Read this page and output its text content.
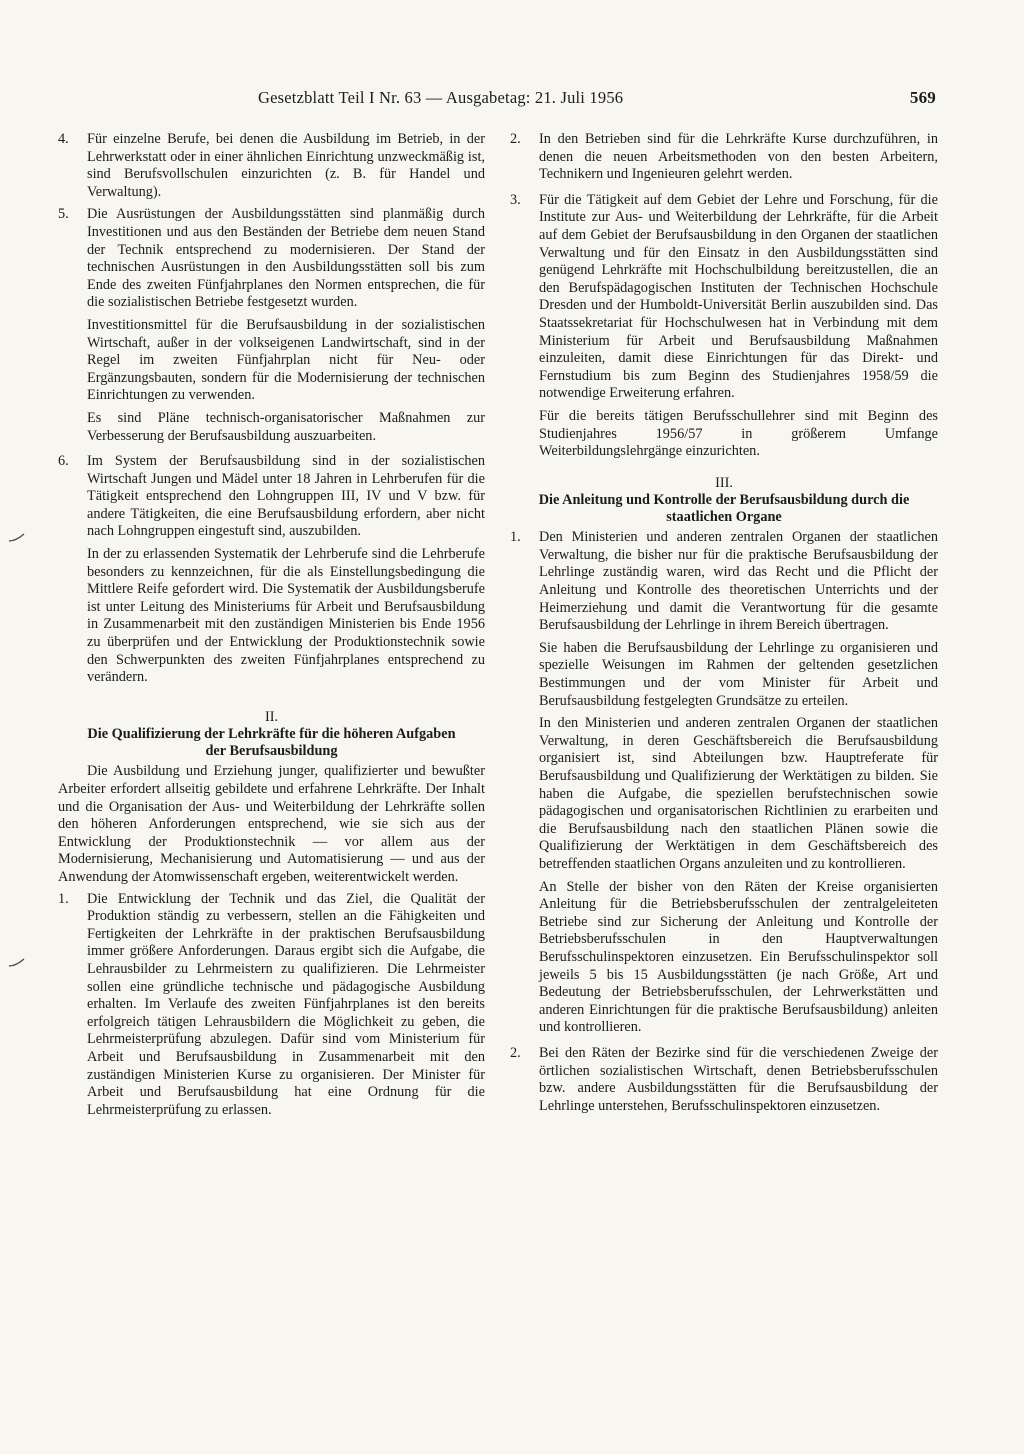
Gesetzblatt Teil I Nr. 63 — Ausgabetag: 21. Juli 1956	569
4.	Für einzelne Berufe, bei denen die Ausbildung im Betrieb, in der Lehrwerkstatt oder in einer ähnlichen Einrichtung unzweckmäßig ist, sind Berufsvollschulen einzurichten (z. B. für Handel und Verwaltung).

5.	Die Ausrüstungen der Ausbildungsstätten sind planmäßig durch Investitionen und aus den Beständen der Betriebe dem neuen Stand der Technik entsprechend zu modernisieren. Der Stand der technischen Ausrüstungen in den Ausbildungsstätten soll bis zum Ende des zweiten Fünfjahrplanes den Normen entsprechen, die für die sozialistischen Betriebe festgesetzt wurden.

Investitionsmittel für die Berufsausbildung in der sozialistischen Wirtschaft, außer in der volkseigenen Landwirtschaft, sind in der Regel im zweiten Fünfjahrplan nicht für Neu- oder Ergänzungsbauten, sondern für die Modernisierung der technischen Einrichtungen zu verwenden.

Es sind Pläne technisch-organisatorischer Maßnahmen zur Verbesserung der Berufsausbildung auszuarbeiten.

6.	Im System der Berufsausbildung sind in der sozialistischen Wirtschaft Jungen und Mädel unter 18 Jahren in Lehrberufen für die Tätigkeit entsprechend den Lohngruppen III, IV und V bzw. für andere Tätigkeiten, die eine Berufsausbildung erfordern, aber nicht nach Lohngruppen eingestuft sind, auszubilden.

In der zu erlassenden Systematik der Lehrberufe sind die Lehrberufe besonders zu kennzeichnen, für die als Einstellungsbedingung die Mittlere Reife gefordert wird. Die Systematik der Ausbildungsberufe ist unter Leitung des Ministeriums für Arbeit und Berufsausbildung in Zusammenarbeit mit den zuständigen Ministerien bis Ende 1956 zu überprüfen und der Entwicklung der Produktionstechnik sowie den Schwerpunkten des zweiten Fünfjahrplanes entsprechend zu verändern.

II.
Die Qualifizierung der Lehrkräfte für die höheren Aufgaben der Berufsausbildung

Die Ausbildung und Erziehung junger, qualifizierter und bewußter Arbeiter erfordert allseitig gebildete und erfahrene Lehrkräfte. Der Inhalt und die Organisation der Aus- und Weiterbildung der Lehrkräfte sollen den höheren Anforderungen entsprechend, wie sie sich aus der Entwicklung der Produktionstechnik — vor allem aus der Modernisierung, Mechanisierung und Automatisierung — und aus der Anwendung der Atomwissenschaft ergeben, weiterentwickelt werden.

1.	Die Entwicklung der Technik und das Ziel, die Qualität der Produktion ständig zu verbessern, stellen an die Fähigkeiten und Fertigkeiten der Lehrkräfte in der praktischen Berufsausbildung immer größere Anforderungen. Daraus ergibt sich die Aufgabe, die Lehrausbilder zu Lehrmeistern zu qualifizieren. Die Lehrmeister sollen eine gründliche technische und pädagogische Ausbildung erhalten. Im Verlaufe des zweiten Fünfjahrplanes ist den bereits erfolgreich tätigen Lehrausbildern die Möglichkeit zu geben, die Lehrmeisterprüfung abzulegen. Dafür sind vom Ministerium für Arbeit und Berufsausbildung in Zusammenarbeit mit den zuständigen Ministerien Kurse zu organisieren. Der Minister für Arbeit und Berufsausbildung hat eine Ordnung für die Lehrmeisterprüfung zu erlassen.

2.	In den Betrieben sind für die Lehrkräfte Kurse durchzuführen, in denen die neuen Arbeitsmethoden von den besten Arbeitern, Technikern und Ingenieuren gelehrt werden.

3.	Für die Tätigkeit auf dem Gebiet der Lehre und Forschung, für die Institute zur Aus- und Weiterbildung der Lehrkräfte, für die Arbeit auf dem Gebiet der Berufsausbildung in den Organen der staatlichen Verwaltung und für den Einsatz in den Ausbildungsstätten sind genügend Lehrkräfte mit Hochschulbildung bereitzustellen, die an den Berufspädagogischen Instituten der Technischen Hochschule Dresden und der Humboldt-Universität Berlin auszubilden sind. Das Staatssekretariat für Hochschulwesen hat in Verbindung mit dem Ministerium für Arbeit und Berufsausbildung Maßnahmen einzuleiten, damit diese Einrichtungen für das Direkt- und Fernstudium bis zum Beginn des Studienjahres 1958/59 die notwendige Erweiterung erfahren.

Für die bereits tätigen Berufsschullehrer sind mit Beginn des Studienjahres 1956/57 in größerem Umfange Weiterbildungslehrgänge einzurichten.

III.
Die Anleitung und Kontrolle der Berufsausbildung durch die staatlichen Organe
1.	Den Ministerien und anderen zentralen Organen der staatlichen Verwaltung, die bisher nur für die praktische Berufsausbildung der Lehrlinge zuständig waren, wird das Recht und die Pflicht der Anleitung und Kontrolle des theoretischen Unterrichts und der Heimerziehung und damit die Verantwortung für die gesamte Berufsausbildung der Lehrlinge in ihrem Bereich übertragen.

Sie haben die Berufsausbildung der Lehrlinge zu organisieren und spezielle Weisungen im Rahmen der geltenden gesetzlichen Bestimmungen und der vom Minister für Arbeit und Berufsausbildung festgelegten Grundsätze zu erteilen.

In den Ministerien und anderen zentralen Organen der staatlichen Verwaltung, in deren Geschäftsbereich die Berufsausbildung organisiert ist, sind Abteilungen bzw. Hauptreferate für Berufsausbildung und Qualifizierung der Werktätigen zu bilden. Sie haben die Aufgabe, die speziellen berufstechnischen sowie pädagogischen und organisatorischen Richtlinien zu erarbeiten und die Berufsausbildung nach den staatlichen Plänen sowie die Qualifizierung der Werktätigen in dem Geschäftsbereich des betreffenden staatlichen Organs anzuleiten und zu kontrollieren.

An Stelle der bisher von den Räten der Kreise organisierten Anleitung für die Betriebsberufsschulen der zentralgeleiteten Betriebe sind zur Sicherung der Anleitung und Kontrolle der Betriebsberufsschulen in den Hauptverwaltungen Berufsschulinspektoren einzusetzen. Ein Berufsschulinspektor soll jeweils 5 bis 15 Ausbildungsstätten (je nach Größe, Art und Bedeutung der Betriebsberufsschulen, der Lehrwerkstätten und anderen Einrichtungen für die praktische Berufsausbildung) anleiten und kontrollieren.

2.	Bei den Räten der Bezirke sind für die verschiedenen Zweige der örtlichen sozialistischen Wirtschaft, denen Betriebsberufsschulen bzw. andere Ausbildungsstätten für die Berufsausbildung der Lehrlinge unterstehen, Berufsschulinspektoren einzusetzen.
